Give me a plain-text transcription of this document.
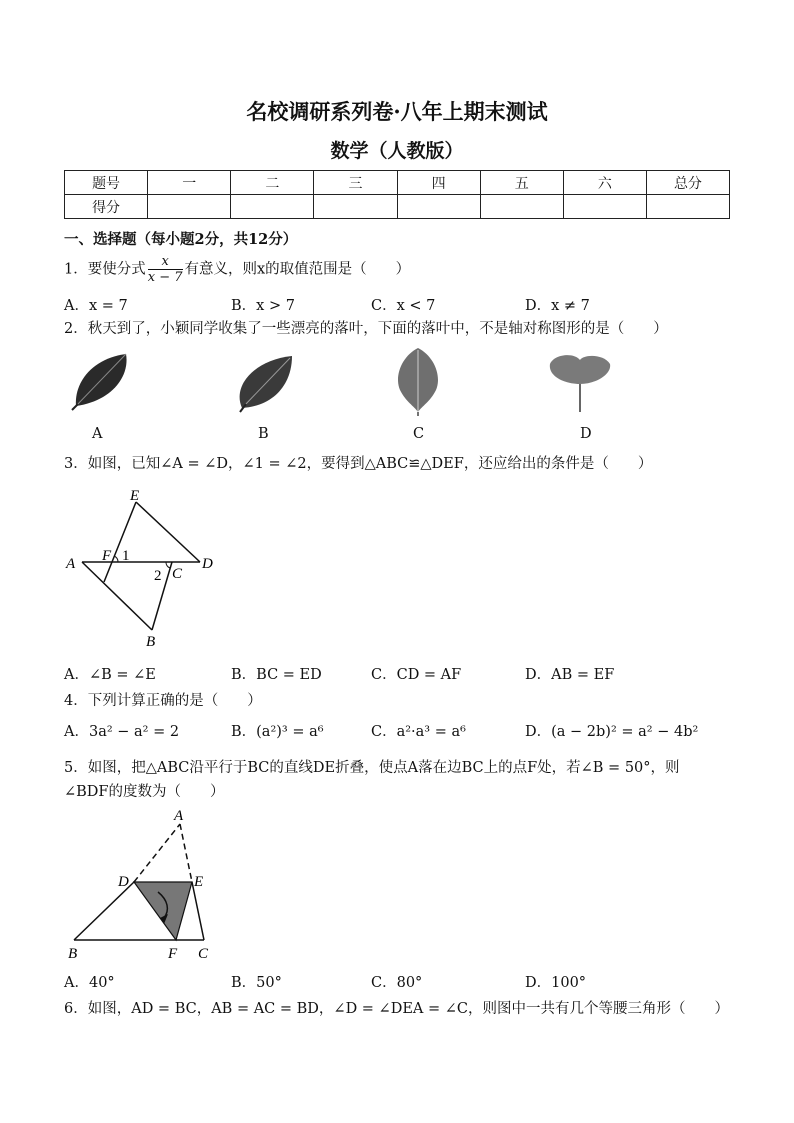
名校调研系列卷·八年上期末测试
数学（人教版）
题号	一	二	三	四	五	六	总分
得分							
一、选择题（每小题2分，共12分）
1．要使分式 $\frac{x}{x - 7}$ 有意义，则x的取值范围是（　　）
A．x = 7	B．x > 7	C．x < 7	D．x ≠ 7
2．秋天到了，小颖同学收集了一些漂亮的落叶，下面的落叶中，不是轴对称图形的是（　　）
A	B	C	D
3．如图，已知∠A = ∠D，∠1 = ∠2，要得到△ABC≌△DEF，还应给出的条件是（　　）
E
F 1
A	D
2 C
B
A．∠B = ∠E	B．BC = ED	C．CD = AF	D．AB = EF
4．下列计算正确的是（　　）
A．3a² − a² = 2	B．(a²)³ = a⁶	C．a²·a³ = a⁶	D．(a − 2b)² = a² − 4b²
5．如图，把△ABC沿平行于BC的直线DE折叠，使点A落在边BC上的点F处，若∠B = 50°，则
∠BDF的度数为（　　）
A
D	E
B	F C
A．40°	B．50°	C．80°	D．100°
6．如图，AD = BC，AB = AC = BD，∠D = ∠DEA = ∠C，则图中一共有几个等腰三角形（　　）
